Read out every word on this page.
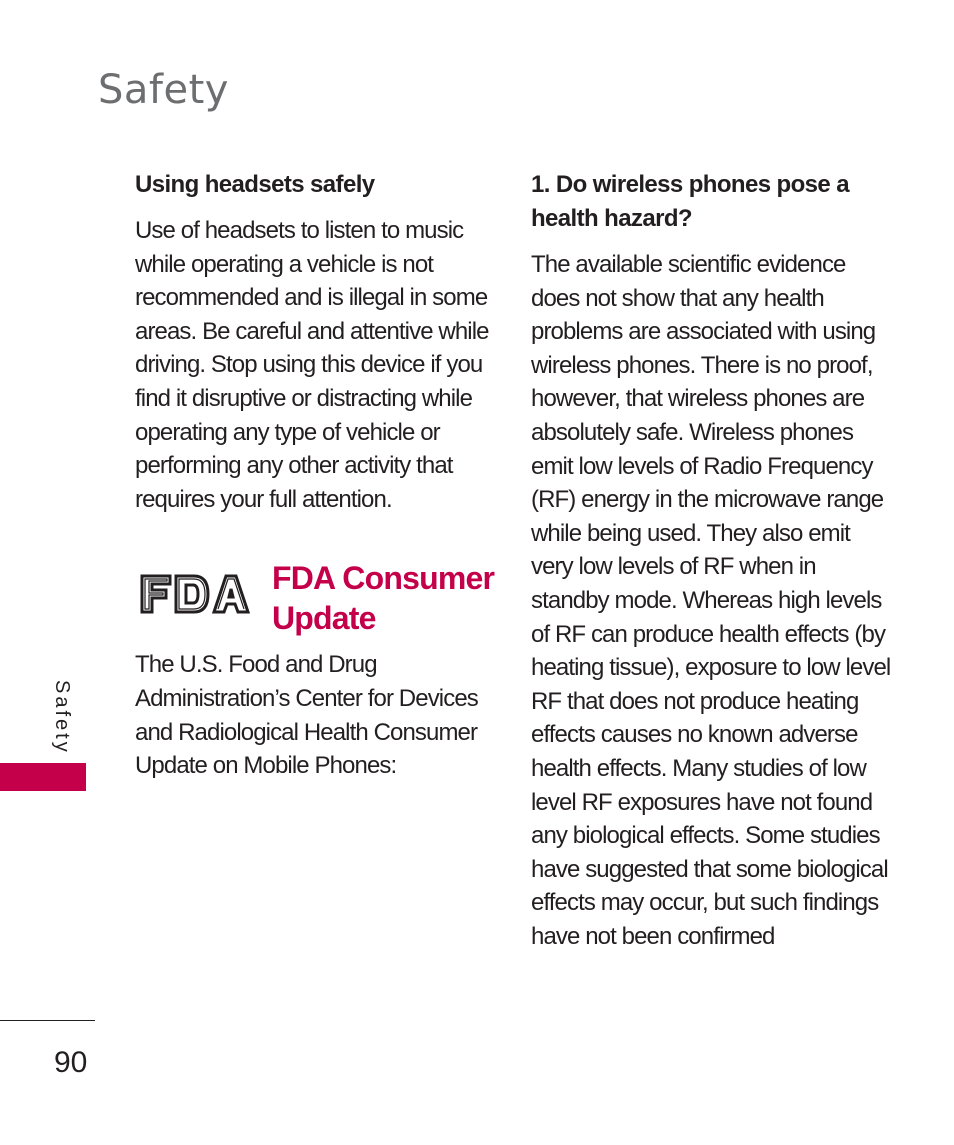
Safety
Using headsets safely

Use of headsets to listen to music while operating a vehicle is not recommended and is illegal in some areas. Be careful and attentive while driving. Stop using this device if you find it disruptive or distracting while operating any type of vehicle or performing any other activity that requires your full attention.

FDA Consumer
Update

The U.S. Food and Drug Administration’s Center for Devices and Radiological Health Consumer Update on Mobile Phones:

1. Do wireless phones pose a health hazard?

The available scientific evidence does not show that any health problems are associated with using wireless phones. There is no proof, however, that wireless phones are absolutely safe. Wireless phones emit low levels of Radio Frequency (RF) energy in the microwave range while being used. They also emit very low levels of RF when in standby mode. Whereas high levels of RF can produce health effects (by heating tissue), exposure to low level RF that does not produce heating effects causes no known adverse health effects. Many studies of low level RF exposures have not found any biological effects. Some studies have suggested that some biological effects may occur, but such findings have not been confirmed

Safety
90
